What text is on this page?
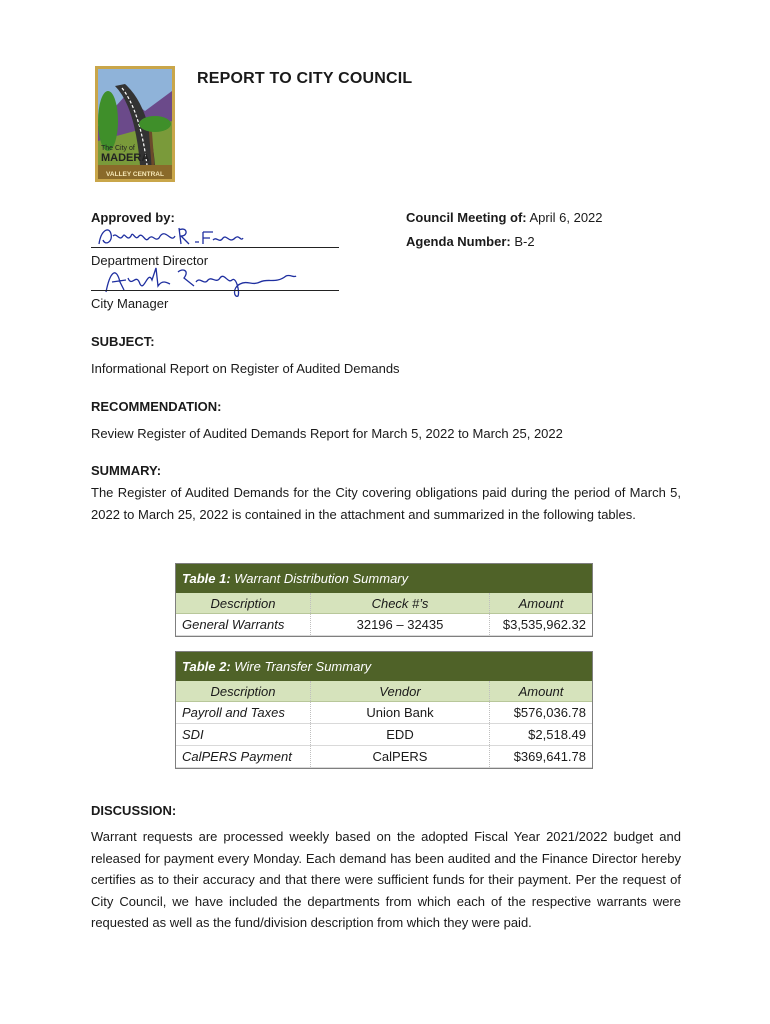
The City of
MADERA
VALLEY CENTRAL
REPORT TO CITY COUNCIL
Approved by:
Department Director
City Manager
Council Meeting of: April 6, 2022
Agenda Number: B-2
SUBJECT:
Informational Report on Register of Audited Demands
RECOMMENDATION:
Review Register of Audited Demands Report for March 5, 2022 to March 25, 2022
SUMMARY:
The Register of Audited Demands for the City covering obligations paid during the period of March 5, 2022 to March 25, 2022 is contained in the attachment and summarized in the following tables.
Table 1: Warrant Distribution Summary		
Description	Check #’s	Amount
General Warrants	32196 – 32435	$3,535,962.32
Table 2: Wire Transfer Summary		
Description	Vendor	Amount
Payroll and Taxes	Union Bank	$576,036.78
SDI	EDD	$2,518.49
CalPERS Payment	CalPERS	$369,641.78
DISCUSSION:
Warrant requests are processed weekly based on the adopted Fiscal Year 2021/2022 budget and released for payment every Monday. Each demand has been audited and the Finance Director hereby certifies as to their accuracy and that there were sufficient funds for their payment. Per the request of City Council, we have included the departments from which each of the respective warrants were requested as well as the fund/division description from which they were paid.
